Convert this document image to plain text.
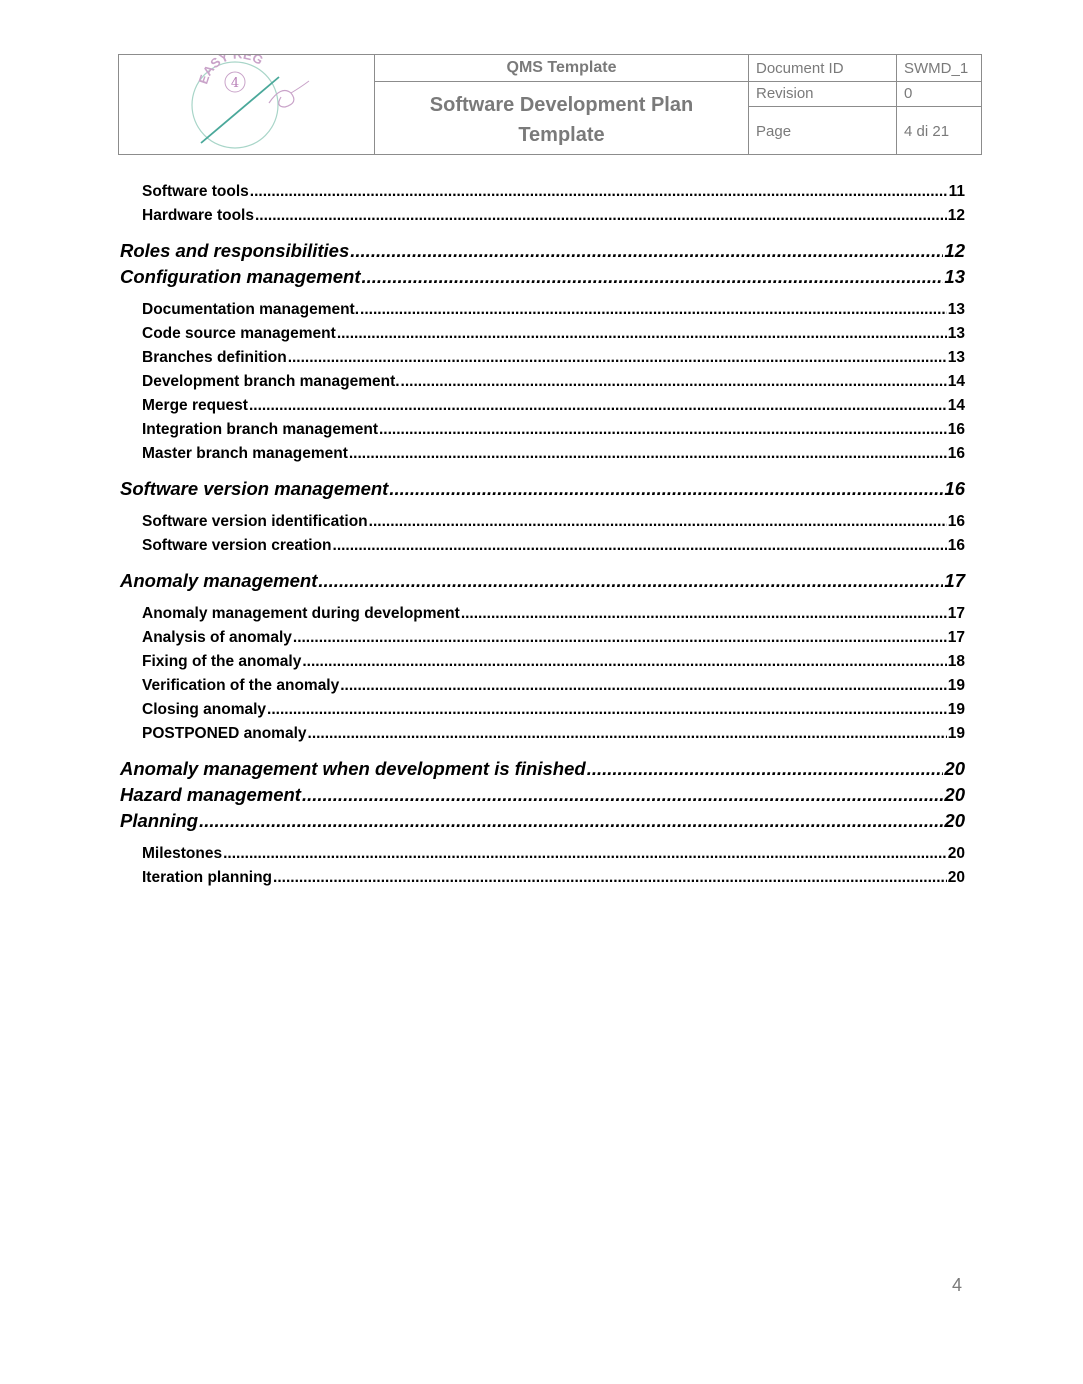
4
EASY G	QMS Template
Software Development Plan
Template
Document ID	SWMD_1
Revision	0
Page	4 di 21
Software tools .....	11
Hardware tools .....	12
Roles and responsibilities .....	12
Configuration management .....	13
Documentation management. .....	13
Code source management .....	13
Branches definition .....	13
Development branch management. .....	14
Merge request .....	14
Integration branch management .....	16
Master branch management .....	16
Software version management .....	16
Software version identification .....	16
Software version creation .....	16
Anomaly management .....	17
Anomaly management during development .....	17
Analysis of anomaly .....	17
Fixing of the anomaly .....	18
Verification of the anomaly .....	19
Closing anomaly .....	19
POSTPONED anomaly .....	19
Anomaly management when development is finished .....	20
Hazard management .....	20
Planning .....	20
Milestones .....	20
Iteration planning .....	20
4
